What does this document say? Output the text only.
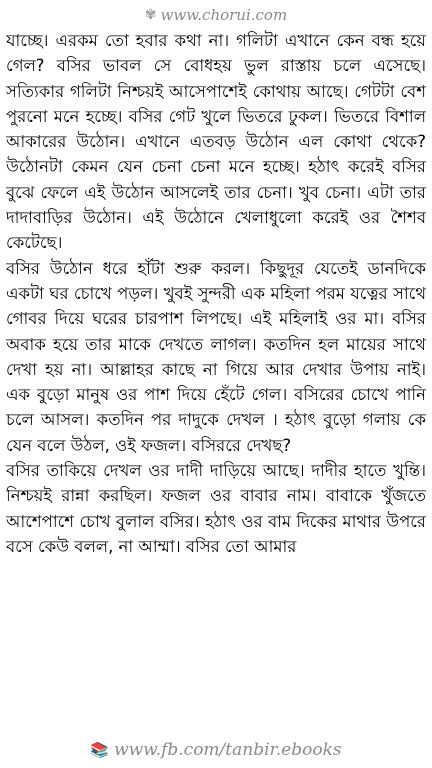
✾ www.chorui.com

যাচ্ছে। এরকম তো হবার কথা না। গলিটা এখানে কেন বন্ধ হয়ে গেল? বসির ভাবল সে বোধহয় ভুল রাস্তায় চলে এসেছে। সত্যিকার গলিটা নিশ্চয়ই আসেপাশেই কোথায় আছে। গেটটা বেশ পুরনো মনে হচ্ছে। বসির গেট খুলে ভিতরে ঢুকল। ভিতরে বিশাল আকারের উঠোন। এখানে এতবড় উঠোন এল কোথা থেকে? উঠোনটা কেমন যেন চেনা চেনা মনে হচ্ছে। হঠাৎ করেই বসির বুঝে ফেলে এই উঠোন আসলেই তার চেনা। খুব চেনা। এটা তার দাদাবাড়ির উঠোন। এই উঠোনে খেলাধুলো করেই ওর শৈশব কেটেছে।

বসির উঠোন ধরে হাঁটা শুরু করল। কিছুদূর যেতেই ডানদিকে একটা ঘর চোখে পড়ল। খুবই সুন্দরী এক মহিলা পরম যত্নের সাথে গোবর দিয়ে ঘরের চারপাশ লিপছে। এই মহিলাই ওর মা। বসির অবাক হয়ে তার মাকে দেখতে লাগল। কতদিন হল মায়ের সাথে দেখা হয় না। আল্লাহর কাছে না গিয়ে আর দেখার উপায় নাই। এক বুড়ো মানুষ ওর পাশ দিয়ে হেঁটে গেল। বসিরের চোখে পানি চলে আসল। কতদিন পর দাদুকে দেখল । হঠাৎ বুড়ো গলায় কে যেন বলে উঠল, ওই ফজল। বসিররে দেখছ?

বসির তাকিয়ে দেখল ওর দাদী দাড়িয়ে আছে। দাদীর হাতে খুন্তি। নিশ্চয়ই রান্না করছিল। ফজল ওর বাবার নাম। বাবাকে খুঁজতে আশেপাশে চোখ বুলাল বসির। হঠাৎ ওর বাম দিকের মাথার উপরে বসে কেউ বলল, না আম্মা। বসির তো আমার

📚 www.fb.com/tanbir.ebooks
